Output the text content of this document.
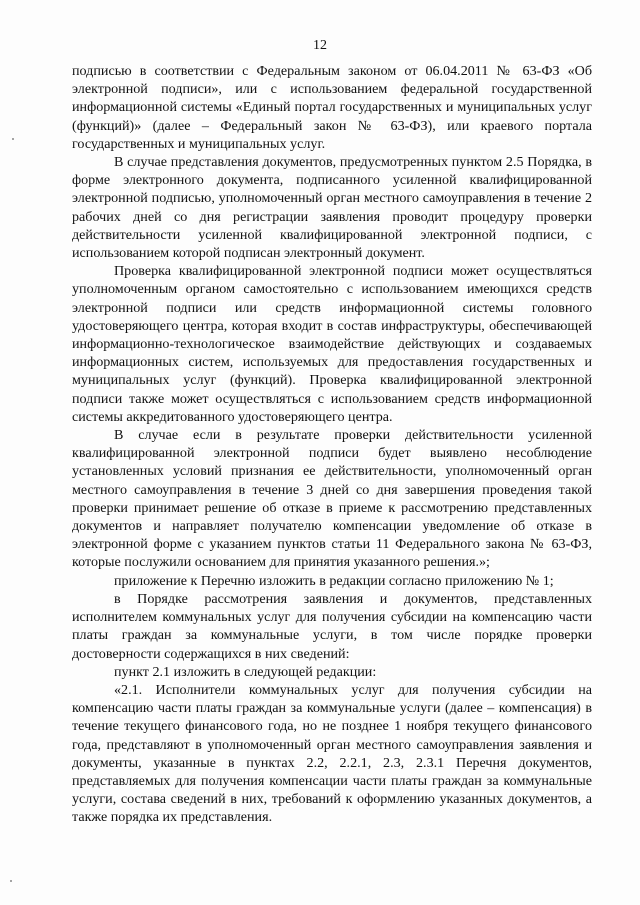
12

подписью в соответствии с Федеральным законом от 06.04.2011 № 63-ФЗ «Об электронной подписи», или с использованием федеральной государственной информационной системы «Единый портал государственных и муниципальных услуг (функций)» (далее – Федеральный закон № 63-ФЗ), или краевого портала государственных и муниципальных услуг.

В случае представления документов, предусмотренных пунктом 2.5 Порядка, в форме электронного документа, подписанного усиленной квалифицированной электронной подписью, уполномоченный орган местного самоуправления в течение 2 рабочих дней со дня регистрации заявления проводит процедуру проверки действительности усиленной квалифицированной электронной подписи, с использованием которой подписан электронный документ.

Проверка квалифицированной электронной подписи может осуществляться уполномоченным органом самостоятельно с использованием имеющихся средств электронной подписи или средств информационной системы головного удостоверяющего центра, которая входит в состав инфраструктуры, обеспечивающей информационно-технологическое взаимодействие действующих и создаваемых информационных систем, используемых для предоставления государственных и муниципальных услуг (функций). Проверка квалифицированной электронной подписи также может осуществляться с использованием средств информационной системы аккредитованного удостоверяющего центра.

В случае если в результате проверки действительности усиленной квалифицированной электронной подписи будет выявлено несоблюдение установленных условий признания ее действительности, уполномоченный орган местного самоуправления в течение 3 дней со дня завершения проведения такой проверки принимает решение об отказе в приеме к рассмотрению представленных документов и направляет получателю компенсации уведомление об отказе в электронной форме с указанием пунктов статьи 11 Федерального закона № 63-ФЗ, которые послужили основанием для принятия указанного решения.»;

приложение к Перечню изложить в редакции согласно приложению № 1;

в Порядке рассмотрения заявления и документов, представленных исполнителем коммунальных услуг для получения субсидии на компенсацию части платы граждан за коммунальные услуги, в том числе порядке проверки достоверности содержащихся в них сведений:

пункт 2.1 изложить в следующей редакции:

«2.1. Исполнители коммунальных услуг для получения субсидии на компенсацию части платы граждан за коммунальные услуги (далее – компенсация) в течение текущего финансового года, но не позднее 1 ноября текущего финансового года, представляют в уполномоченный орган местного самоуправления заявления и документы, указанные в пунктах 2.2, 2.2.1, 2.3, 2.3.1 Перечня документов, представляемых для получения компенсации части платы граждан за коммунальные услуги, состава сведений в них, требований к оформлению указанных документов, а также порядка их представления.
